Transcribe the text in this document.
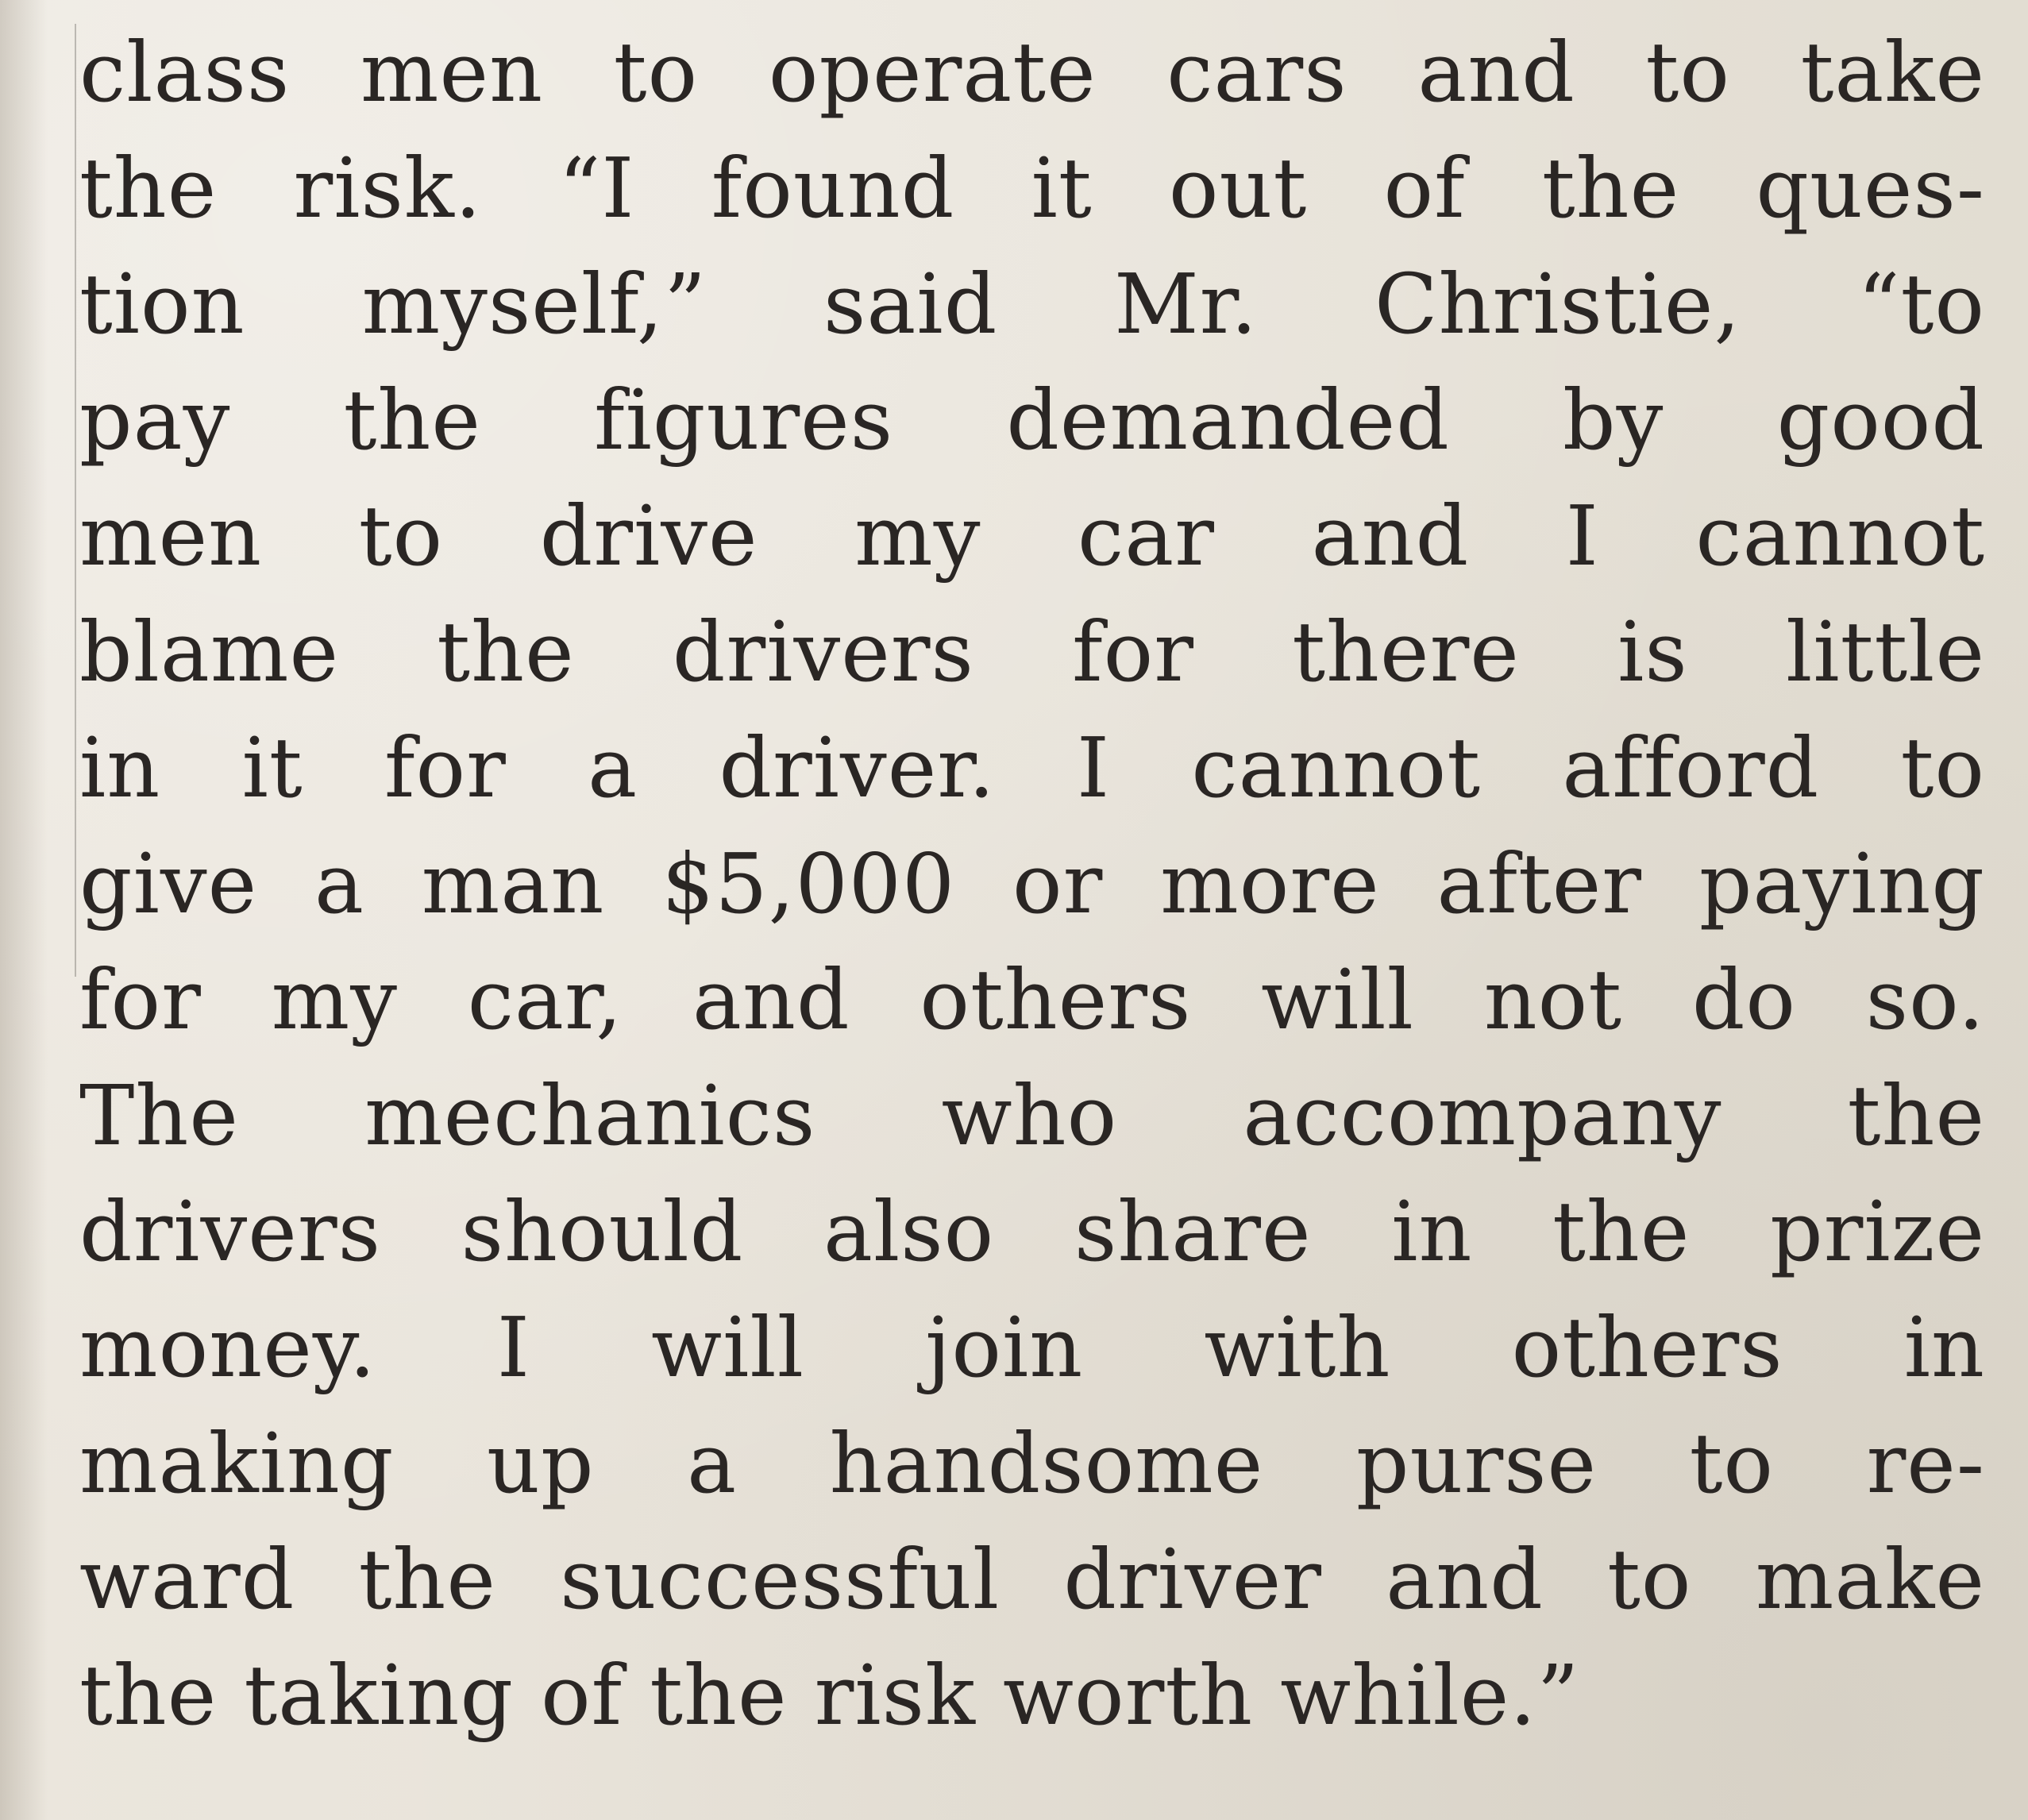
class men to operate cars and to take
the risk. “I found it out of the ques-
tion myself,” said Mr. Christie, “to
pay the figures demanded by good
men to drive my car and I cannot
blame the drivers for there is little
in it for a driver. I cannot afford to
give a man $5,000 or more after paying
for my car, and others will not do so.
The mechanics who accompany the
drivers should also share in the prize
money. I will join with others in
making up a handsome purse to re-
ward the successful driver and to make
the taking of the risk worth while.”
